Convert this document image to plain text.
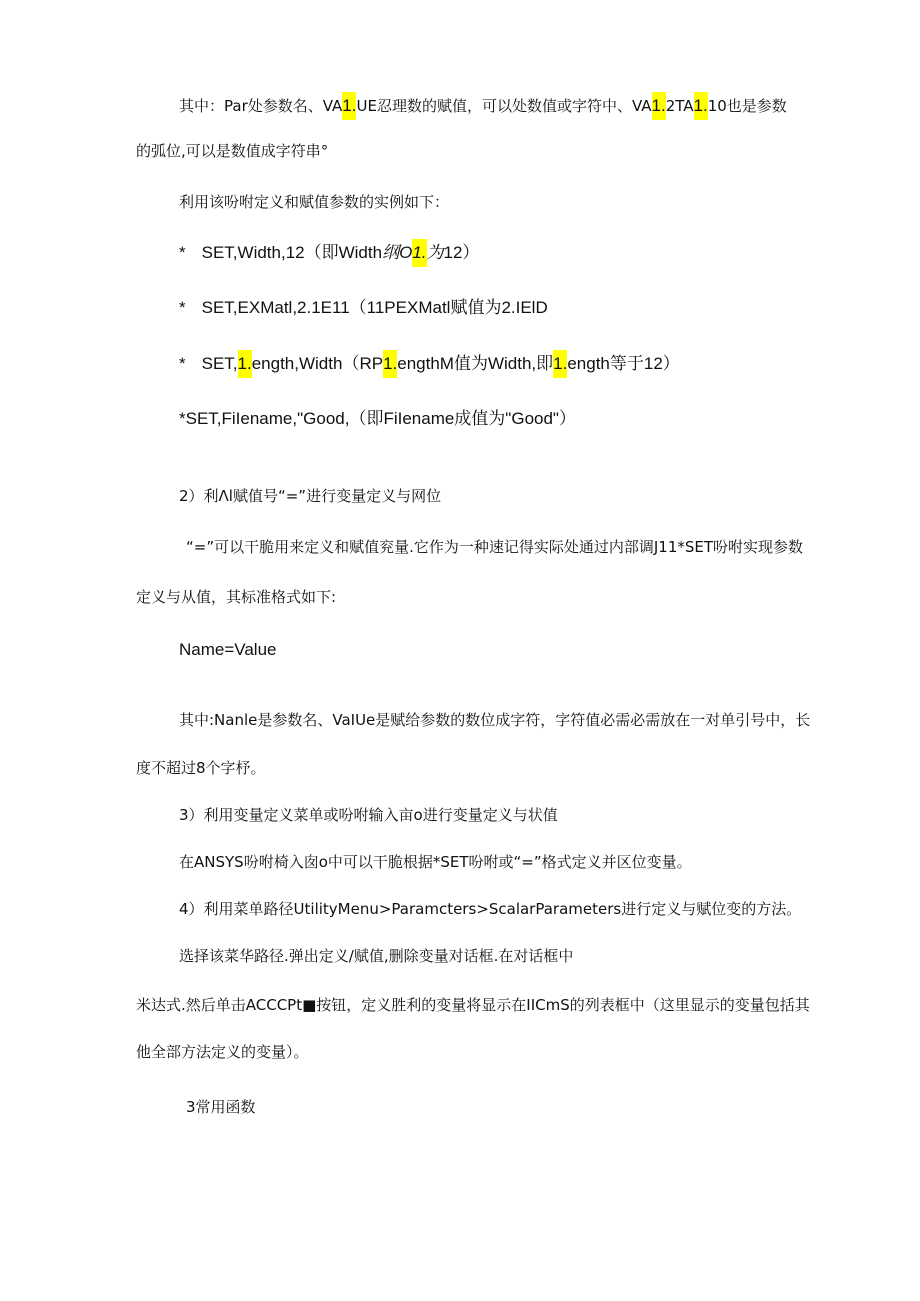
其中：Par处参数名、VA1.UE忍理数的赋值，可以处数值或字符中、VA1.2TA1.10也是参数
的弧位,可以是数值成字符串°
利用该吩咐定义和赋值参数的实例如下：
* SET,Width,12（即Width纲O1.为12）
* SET,EXMatl,2.1E11（11PEXMatl赋值为2.IElD
* SET,1.ength,Width（RP1.engthM值为Width,即1.ength等于12）
*SET,FiIename,"Good,（即FiIename成值为"Good"）
2）利Λl赋值号“=”进行变量定义与网位
“=”可以干脆用来定义和赋值兖量.它作为一种速记得实际处通过内部调J11*SET吩咐实现参数
定义与从值，其标准格式如下:
Name=Value
其中:Nanle是参数名、VaIUe是赋给参数的数位成字符，字符值必需必需放在一对单引号中，长
度不超过8个字杼。
3）利用变量定义菜单或吩咐输入亩o进行变量定义与状值
在ANSYS吩咐椅入囱o中可以干脆根据*SET吩咐或“=”格式定义并区位变量。
4）利用菜单路径UtilityMenu>Paramcters>ScalarParameters进行定义与赋位变的方法。
选择该菜华路径.弹出定义/赋值,删除变量对话框.在对话框中
米达式.然后单击ACCCPt■按钮，定义胜利的变量将显示在IICmS的列表框中（这里显示的变量包括其
他全部方法定义的变量）。
3常用函数
